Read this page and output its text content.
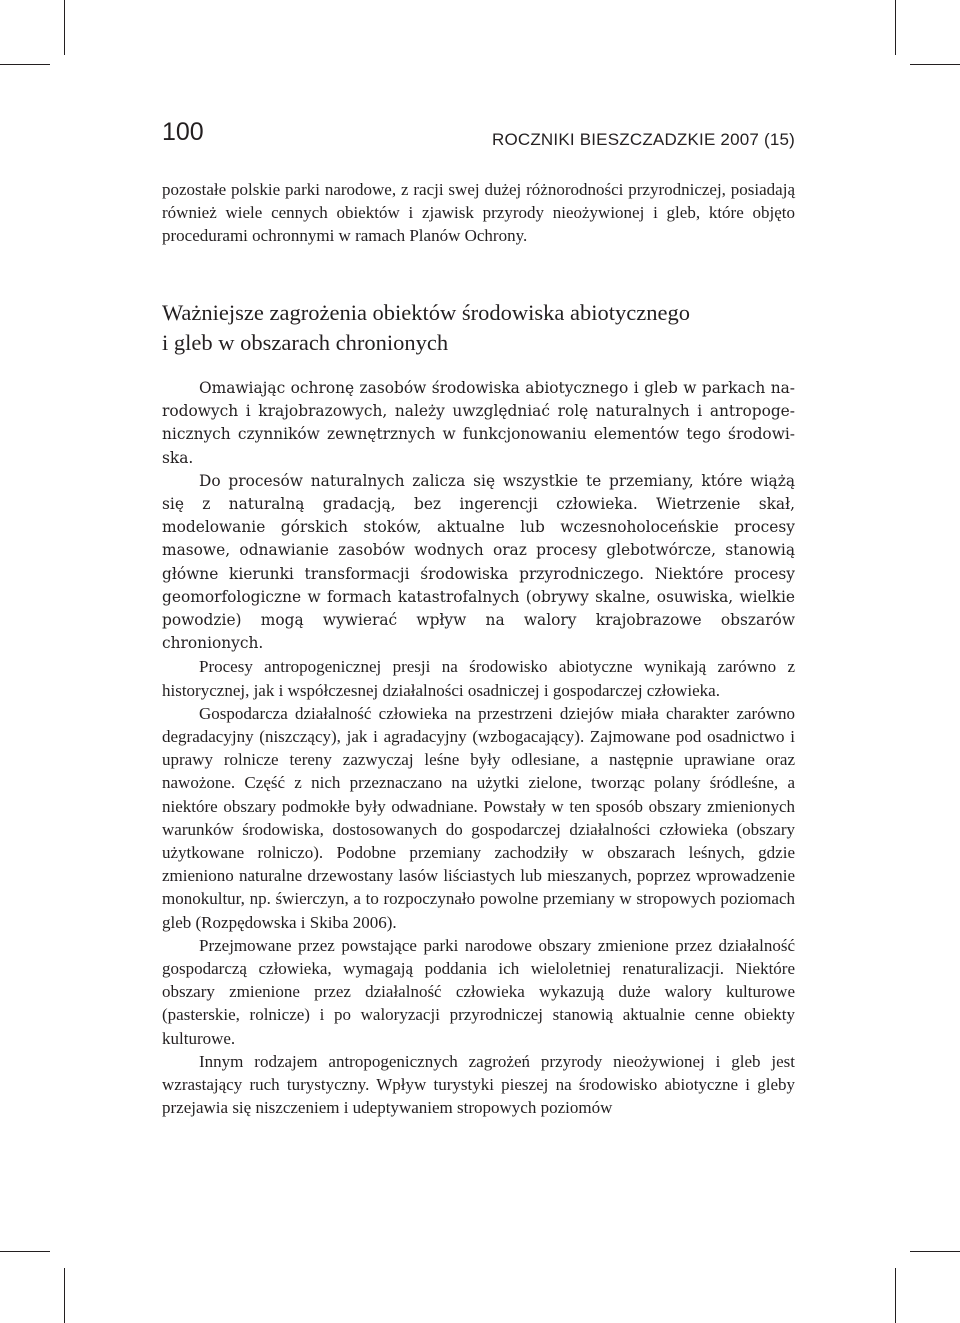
100	ROCZNIKI BIESZCZADZKIE 2007 (15)

pozostałe polskie parki narodowe, z racji swej dużej różnorodności przyrodniczej, posiadają również wiele cennych obiektów i zjawisk przyrody nieożywionej i gleb, które objęto procedurami ochronnymi w ramach Planów Ochrony.

Ważniejsze zagrożenia obiektów środowiska abiotycznego
i gleb w obszarach chronionych

Omawiając ochronę zasobów środowiska abiotycznego i gleb w parkach narodowych i krajobrazowych, należy uwzględniać rolę naturalnych i antropogenicznych czynników zewnętrznych w funkcjonowaniu elementów tego środowiska.

Do procesów naturalnych zalicza się wszystkie te przemiany, które wiążą się z naturalną gradacją, bez ingerencji człowieka. Wietrzenie skał, modelowanie górskich stoków, aktualne lub wczesnoholoceńskie procesy masowe, odnawianie zasobów wodnych oraz procesy glebotwórcze, stanowią główne kierunki transformacji środowiska przyrodniczego. Niektóre procesy geomorfologiczne w formach katastrofalnych (obrywy skalne, osuwiska, wielkie powodzie) mogą wywierać wpływ na walory krajobrazowe obszarów chronionych.

Procesy antropogenicznej presji na środowisko abiotyczne wynikają zarówno z historycznej, jak i współczesnej działalności osadniczej i gospodarczej człowieka.

Gospodarcza działalność człowieka na przestrzeni dziejów miała charakter zarówno degradacyjny (niszczący), jak i agradacyjny (wzbogacający). Zajmowane pod osadnictwo i uprawy rolnicze tereny zazwyczaj leśne były odlesiane, a następnie uprawiane oraz nawożone. Część z nich przeznaczano na użytki zielone, tworząc polany śródleśne, a niektóre obszary podmokłe były odwadniane. Powstały w ten sposób obszary zmienionych warunków środowiska, dostosowanych do gospodarczej działalności człowieka (obszary użytkowane rolniczo). Podobne przemiany zachodziły w obszarach leśnych, gdzie zmieniono naturalne drzewostany lasów liściastych lub mieszanych, poprzez wprowadzenie monokultur, np. świerczyn, a to rozpoczynało powolne przemiany w stropowych poziomach gleb (Rozpędowska i Skiba 2006).

Przejmowane przez powstające parki narodowe obszary zmienione przez działalność gospodarczą człowieka, wymagają poddania ich wieloletniej renaturalizacji. Niektóre obszary zmienione przez działalność człowieka wykazują duże walory kulturowe (pasterskie, rolnicze) i po waloryzacji przyrodniczej stanowią aktualnie cenne obiekty kulturowe.

Innym rodzajem antropogenicznych zagrożeń przyrody nieożywionej i gleb jest wzrastający ruch turystyczny. Wpływ turystyki pieszej na środowisko abiotyczne i gleby przejawia się niszczeniem i udeptywaniem stropowych poziomów
